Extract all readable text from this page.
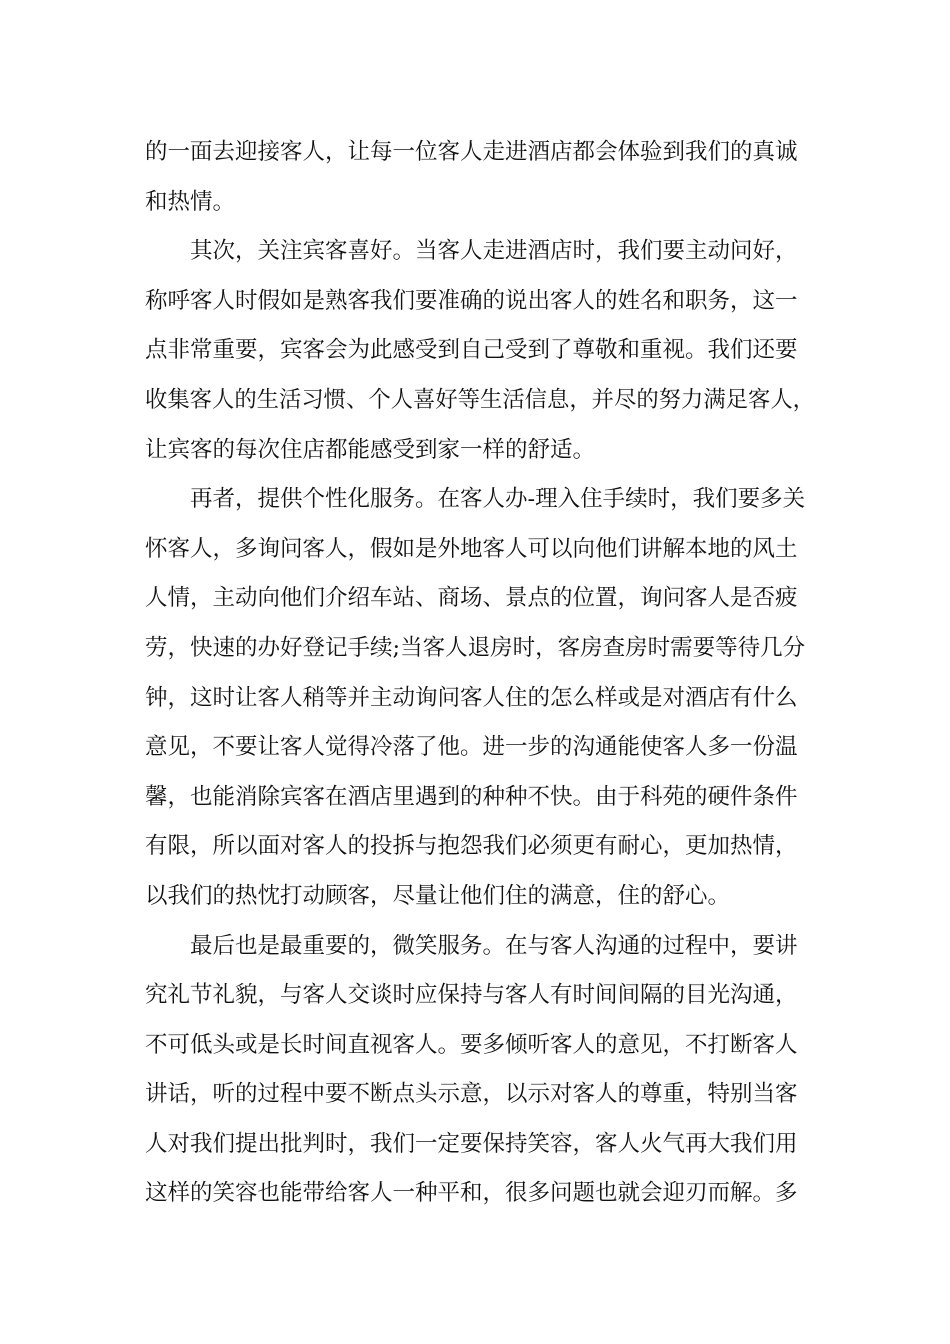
的一面去迎接客人，让每一位客人走进酒店都会体验到我们的真诚
和热情。
其次，关注宾客喜好。当客人走进酒店时，我们要主动问好，
称呼客人时假如是熟客我们要准确的说出客人的姓名和职务，这一
点非常重要，宾客会为此感受到自己受到了尊敬和重视。我们还要
收集客人的生活习惯、个人喜好等生活信息，并尽的努力满足客人，
让宾客的每次住店都能感受到家一样的舒适。
再者，提供个性化服务。在客人办-理入住手续时，我们要多关
怀客人，多询问客人，假如是外地客人可以向他们讲解本地的风土
人情，主动向他们介绍车站、商场、景点的位置，询问客人是否疲
劳，快速的办好登记手续;当客人退房时，客房查房时需要等待几分
钟，这时让客人稍等并主动询问客人住的怎么样或是对酒店有什么
意见，不要让客人觉得冷落了他。进一步的沟通能使客人多一份温
馨，也能消除宾客在酒店里遇到的种种不快。由于科苑的硬件条件
有限，所以面对客人的投拆与抱怨我们必须更有耐心，更加热情，
以我们的热忱打动顾客，尽量让他们住的满意，住的舒心。
最后也是最重要的，微笑服务。在与客人沟通的过程中，要讲
究礼节礼貌，与客人交谈时应保持与客人有时间间隔的目光沟通，
不可低头或是长时间直视客人。要多倾听客人的意见，不打断客人
讲话，听的过程中要不断点头示意，以示对客人的尊重，特别当客
人对我们提出批判时，我们一定要保持笑容，客人火气再大我们用
这样的笑容也能带给客人一种平和，很多问题也就会迎刃而解。多
